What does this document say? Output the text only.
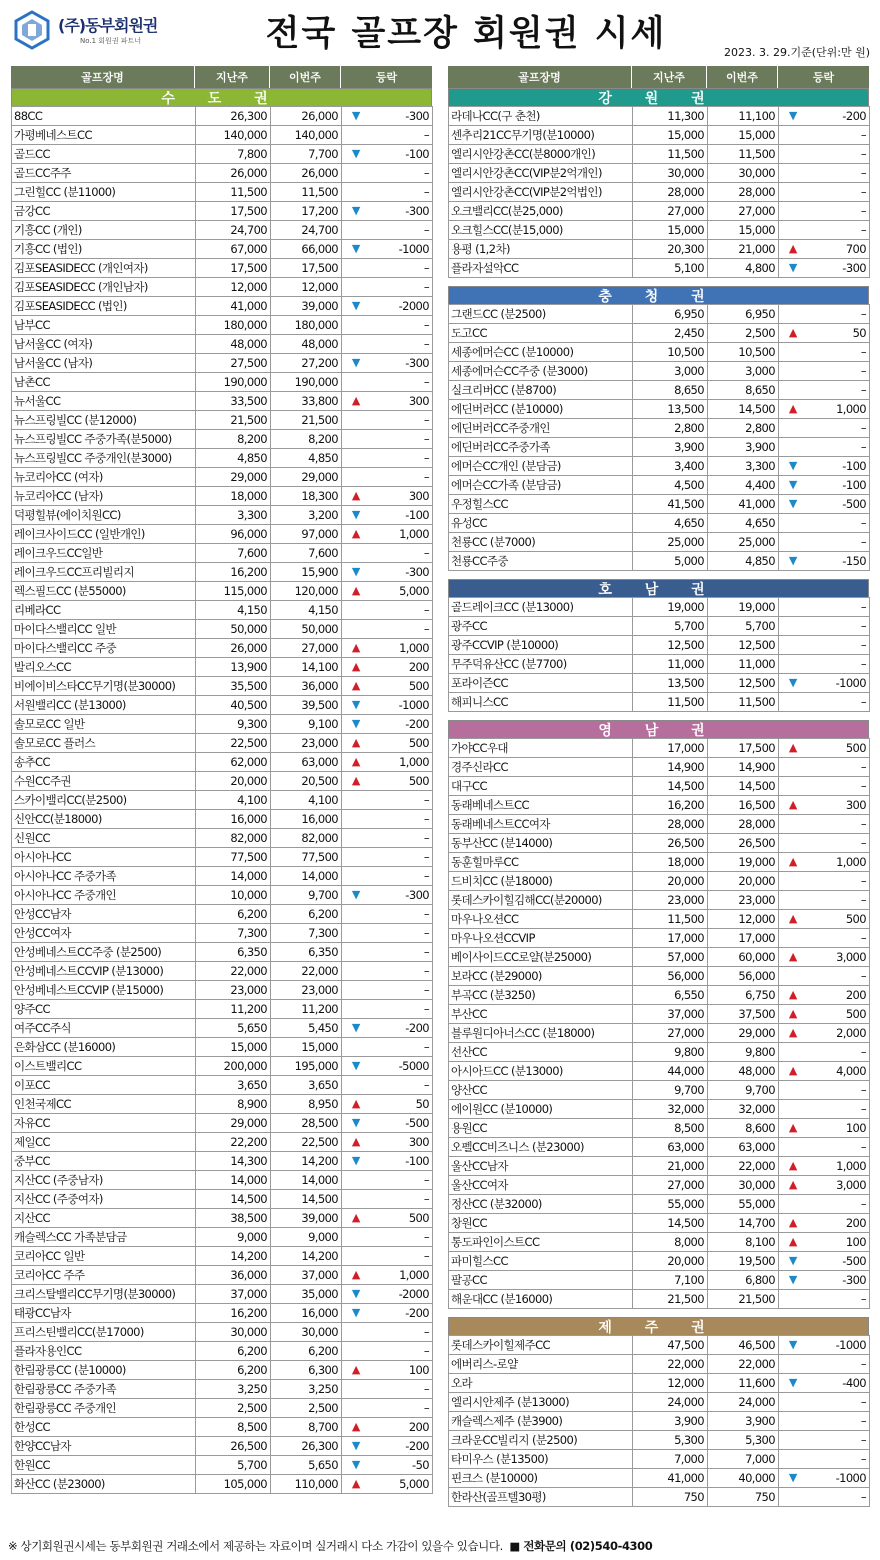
(주)동부회원권
No.1 회원권 파트너	전국 골프장 회원권 시세	2023. 3. 29.기준(단위:만 원)
골프장명	지난주	이번주	등락
수 도 권
88CC	26,300	26,000	▼	-300
가평베네스트CC	140,000	140,000		–
골드CC	7,800	7,700	▼	-100
골드CC주주	26,000	26,000		–
그린힐CC (분11000)	11,500	11,500		–
금강CC	17,500	17,200	▼	-300
기흥CC (개인)	24,700	24,700		–
기흥CC (법인)	67,000	66,000	▼	-1000
김포SEASIDECC (개인여자)	17,500	17,500		–
김포SEASIDECC (개인남자)	12,000	12,000		–
김포SEASIDECC (법인)	41,000	39,000	▼	-2000
남부CC	180,000	180,000		–
남서울CC (여자)	48,000	48,000		–
남서울CC (남자)	27,500	27,200	▼	-300
남촌CC	190,000	190,000		–
뉴서울CC	33,500	33,800	▲	300
뉴스프링빌CC (분12000)	21,500	21,500		–
뉴스프링빌CC 주중가족(분5000)	8,200	8,200		–
뉴스프링빌CC 주중개인(분3000)	4,850	4,850		–
뉴코리아CC (여자)	29,000	29,000		–
뉴코리아CC (남자)	18,000	18,300	▲	300
덕평힐뷰(에이치원CC)	3,300	3,200	▼	-100
레이크사이드CC (일반개인)	96,000	97,000	▲	1,000
레이크우드CC일반	7,600	7,600		–
레이크우드CC프리빌리지	16,200	15,900	▼	-300
렉스필드CC (분55000)	115,000	120,000	▲	5,000
리베라CC	4,150	4,150		–
마이다스밸리CC 일반	50,000	50,000		–
마이다스밸리CC 주중	26,000	27,000	▲	1,000
발리오스CC	13,900	14,100	▲	200
비에이비스타CC무기명(분30000)	35,500	36,000	▲	500
서원밸리CC (분13000)	40,500	39,500	▼	-1000
솔모로CC 일반	9,300	9,100	▼	-200
솔모로CC 플러스	22,500	23,000	▲	500
송추CC	62,000	63,000	▲	1,000
수원CC주권	20,000	20,500	▲	500
스카이밸리CC(분2500)	4,100	4,100		–
신안CC(분18000)	16,000	16,000		–
신원CC	82,000	82,000		–
아시아나CC	77,500	77,500		–
아시아나CC 주중가족	14,000	14,000		–
아시아나CC 주중개인	10,000	9,700	▼	-300
안성CC남자	6,200	6,200		–
안성CC여자	7,300	7,300		–
안성베네스트CC주중 (분2500)	6,350	6,350		–
안성베네스트CCVIP (분13000)	22,000	22,000		–
안성베네스트CCVIP (분15000)	23,000	23,000		–
양주CC	11,200	11,200		–
여주CC주식	5,650	5,450	▼	-200
은화삼CC (분16000)	15,000	15,000		–
이스트밸리CC	200,000	195,000	▼	-5000
이포CC	3,650	3,650		–
인천국제CC	8,900	8,950	▲	50
자유CC	29,000	28,500	▼	-500
제일CC	22,200	22,500	▲	300
중부CC	14,300	14,200	▼	-100
지산CC (주중남자)	14,000	14,000		–
지산CC (주중여자)	14,500	14,500		–
지산CC	38,500	39,000	▲	500
캐슬렉스CC 가족분담금	9,000	9,000		–
코리아CC 일반	14,200	14,200		–
코리아CC 주주	36,000	37,000	▲	1,000
크리스탈밸리CC무기명(분30000)	37,000	35,000	▼	-2000
태광CC남자	16,200	16,000	▼	-200
프리스틴밸리CC(분17000)	30,000	30,000		–
플라자용인CC	6,200	6,200		–
한림광릉CC (분10000)	6,200	6,300	▲	100
한림광릉CC 주중가족	3,250	3,250		–
한림광릉CC 주중개인	2,500	2,500		–
한성CC	8,500	8,700	▲	200
한양CC남자	26,500	26,300	▼	-200
한원CC	5,700	5,650	▼	-50
화산CC (분23000)	105,000	110,000	▲	5,000
골프장명	지난주	이번주	등락
강 원 권
라데나CC(구 춘천)	11,300	11,100	▼	-200
센추리21CC무기명(분10000)	15,000	15,000		–
엘리시안강촌CC(분8000개인)	11,500	11,500		–
엘리시안강촌CC(VIP분2억개인)	30,000	30,000		–
엘리시안강촌CC(VIP분2억법인)	28,000	28,000		–
오크밸리CC(분25,000)	27,000	27,000		–
오크힐스CC(분15,000)	15,000	15,000		–
용평 (1,2차)	20,300	21,000	▲	700
플라자설악CC	5,100	4,800	▼	-300
충 청 권
그랜드CC (분2500)	6,950	6,950		–
도고CC	2,450	2,500	▲	50
세종에머슨CC (분10000)	10,500	10,500		–
세종에머슨CC주중 (분3000)	3,000	3,000		–
실크리버CC (분8700)	8,650	8,650		–
에딘버러CC (분10000)	13,500	14,500	▲	1,000
에딘버러CC주중개인	2,800	2,800		–
에딘버러CC주중가족	3,900	3,900		–
에머슨CC개인 (분담금)	3,400	3,300	▼	-100
에머슨CC가족 (분담금)	4,500	4,400	▼	-100
우정힐스CC	41,500	41,000	▼	-500
유성CC	4,650	4,650		–
천룡CC (분7000)	25,000	25,000		–
천룡CC주중	5,000	4,850	▼	-150
호 남 권
골드레이크CC (분13000)	19,000	19,000		–
광주CC	5,700	5,700		–
광주CCVIP (분10000)	12,500	12,500		–
무주덕유산CC (분7700)	11,000	11,000		–
포라이즌CC	13,500	12,500	▼	-1000
해피니스CC	11,500	11,500		–
영 남 권
가야CC우대	17,000	17,500	▲	500
경주신라CC	14,900	14,900		–
대구CC	14,500	14,500		–
동래베네스트CC	16,200	16,500	▲	300
동래베네스트CC여자	28,000	28,000		–
동부산CC (분14000)	26,500	26,500		–
동훈힐마루CC	18,000	19,000	▲	1,000
드비치CC (분18000)	20,000	20,000		–
롯데스카이힐김해CC(분20000)	23,000	23,000		–
마우나오션CC	11,500	12,000	▲	500
마우나오션CCVIP	17,000	17,000		–
베이사이드CC로얄(분25000)	57,000	60,000	▲	3,000
보라CC (분29000)	56,000	56,000		–
부곡CC (분3250)	6,550	6,750	▲	200
부산CC	37,000	37,500	▲	500
블루원디아너스CC (분18000)	27,000	29,000	▲	2,000
선산CC	9,800	9,800		–
아시아드CC (분13000)	44,000	48,000	▲	4,000
양산CC	9,700	9,700		–
에이원CC (분10000)	32,000	32,000		–
용원CC	8,500	8,600	▲	100
오펠CC비즈니스 (분23000)	63,000	63,000		–
울산CC남자	21,000	22,000	▲	1,000
울산CC여자	27,000	30,000	▲	3,000
정산CC (분32000)	55,000	55,000		–
창원CC	14,500	14,700	▲	200
통도파인이스트CC	8,000	8,100	▲	100
파미힐스CC	20,000	19,500	▼	-500
팔공CC	7,100	6,800	▼	-300
해운대CC (분16000)	21,500	21,500		–
제 주 권
롯데스카이힐제주CC	47,500	46,500	▼	-1000
에버리스-로얄	22,000	22,000		–
오라	12,000	11,600	▼	-400
엘리시안제주 (분13000)	24,000	24,000		–
캐슬렉스제주 (분3900)	3,900	3,900		–
크라운CC빌리지 (분2500)	5,300	5,300		–
타미우스 (분13500)	7,000	7,000		–
핀크스 (분10000)	41,000	40,000	▼	-1000
한라산(골프텔30평)	750	750		–
※ 상기회원권시세는 동부회원권 거래소에서 제공하는 자료이며 실거래시 다소 가감이 있을수 있습니다. ■ 전화문의 (02)540-4300
